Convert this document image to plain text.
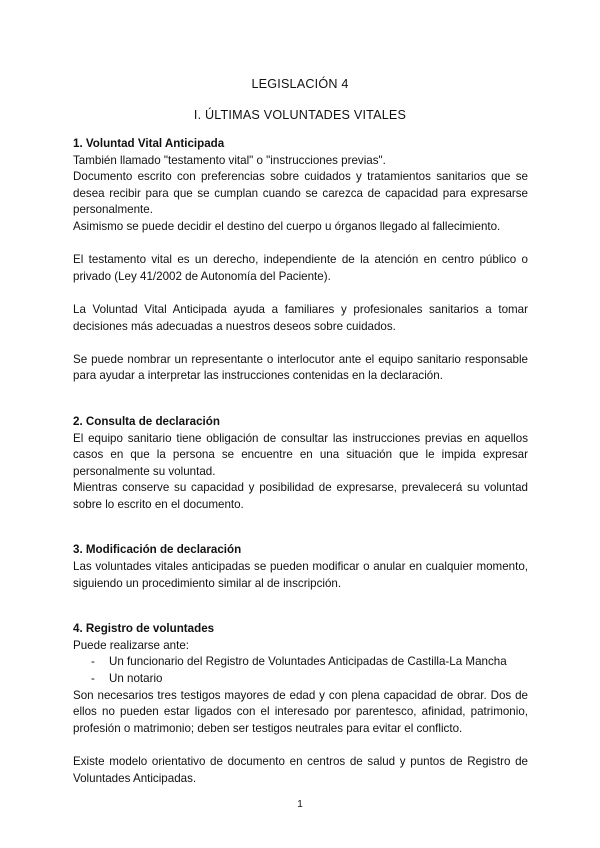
LEGISLACIÓN 4
I. ÚLTIMAS VOLUNTADES VITALES

1. Voluntad Vital Anticipada

También llamado "testamento vital" o "instrucciones previas".

Documento escrito con preferencias sobre cuidados y tratamientos sanitarios que se desea recibir para que se cumplan cuando se carezca de capacidad para expresarse personalmente.

Asimismo se puede decidir el destino del cuerpo u órganos llegado al fallecimiento.

El testamento vital es un derecho, independiente de la atención en centro público o privado (Ley 41/2002 de Autonomía del Paciente).

La Voluntad Vital Anticipada ayuda a familiares y profesionales sanitarios a tomar decisiones más adecuadas a nuestros deseos sobre cuidados.

Se puede nombrar un representante o interlocutor ante el equipo sanitario responsable para ayudar a interpretar las instrucciones contenidas en la declaración.

2. Consulta de declaración

El equipo sanitario tiene obligación de consultar las instrucciones previas en aquellos casos en que la persona se encuentre en una situación que le impida expresar personalmente su voluntad.

Mientras conserve su capacidad y posibilidad de expresarse, prevalecerá su voluntad sobre lo escrito en el documento.

3. Modificación de declaración

Las voluntades vitales anticipadas se pueden modificar o anular en cualquier momento, siguiendo un procedimiento similar al de inscripción.

4. Registro de voluntades

Puede realizarse ante:

- Un funcionario del Registro de Voluntades Anticipadas de Castilla-La Mancha
- Un notario

Son necesarios tres testigos mayores de edad y con plena capacidad de obrar. Dos de ellos no pueden estar ligados con el interesado por parentesco, afinidad, patrimonio, profesión o matrimonio; deben ser testigos neutrales para evitar el conflicto.

Existe modelo orientativo de documento en centros de salud y puntos de Registro de Voluntades Anticipadas.

1
